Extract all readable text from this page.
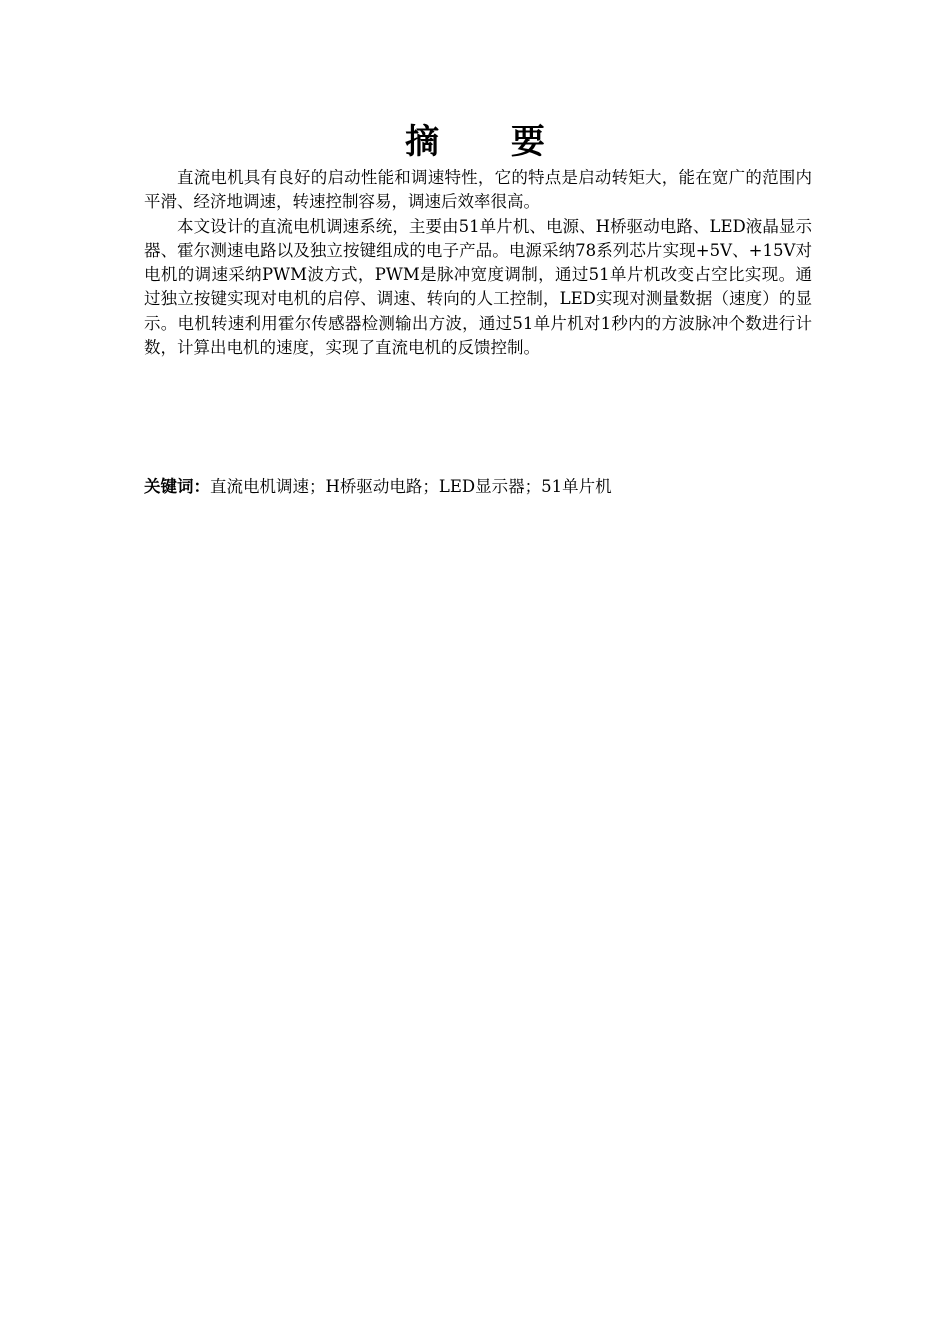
摘 要

直流电机具有良好的启动性能和调速特性，它的特点是启动转矩大，能在宽广的范围内平滑、经济地调速，转速控制容易，调速后效率很高。

本文设计的直流电机调速系统，主要由51单片机、电源、H桥驱动电路、LED液晶显示器、霍尔测速电路以及独立按键组成的电子产品。电源采纳78系列芯片实现+5V、+15V对电机的调速采纳PWM波方式，PWM是脉冲宽度调制，通过51单片机改变占空比实现。通过独立按键实现对电机的启停、调速、转向的人工控制，LED实现对测量数据（速度）的显示。电机转速利用霍尔传感器检测输出方波，通过51单片机对1秒内的方波脉冲个数进行计数，计算出电机的速度，实现了直流电机的反馈控制。

关键词：直流电机调速；H桥驱动电路；LED显示器；51单片机
